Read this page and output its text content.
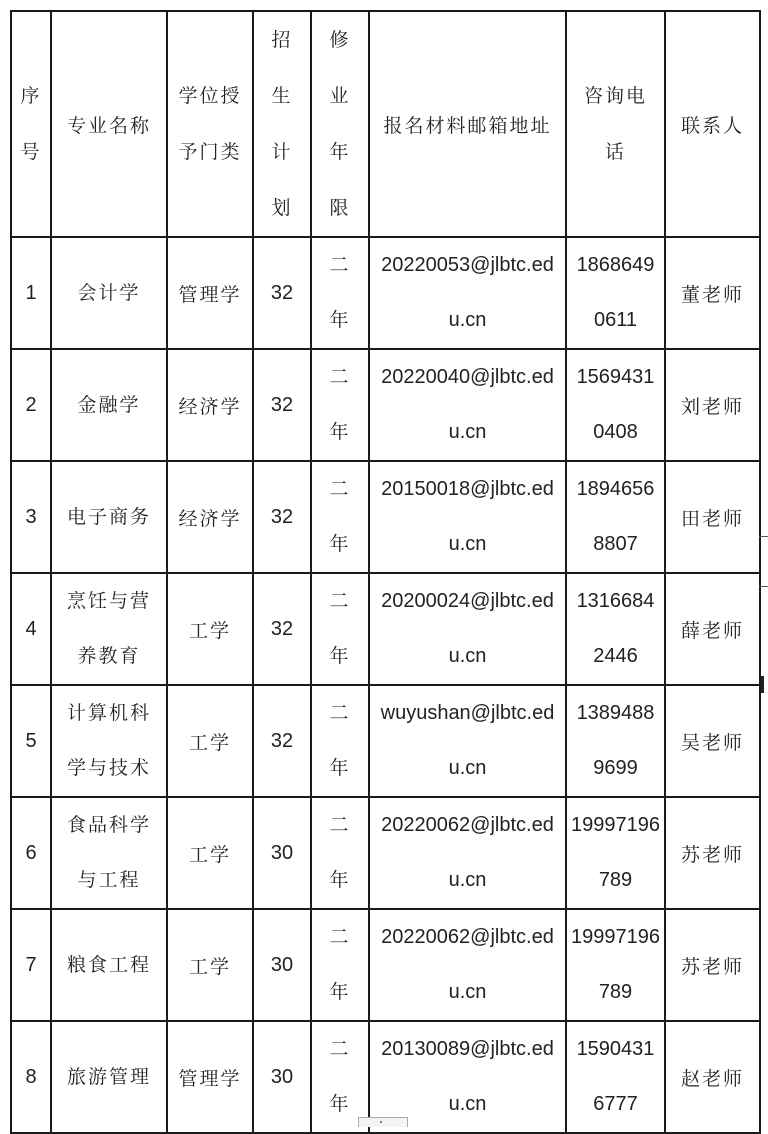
序
号	专业名称	学位授
予门类	招
生
计
划	修
业
年
限	报名材料邮箱地址	咨询电
话	联系人
1	会计学	管理学	32	二
年	20220053@jlbtc.ed
u.cn	1868649
0611	董老师
2	金融学	经济学	32	二
年	20220040@jlbtc.ed
u.cn	1569431
0408	刘老师
3	电子商务	经济学	32	二
年	20150018@jlbtc.ed
u.cn	1894656
8807	田老师
4	烹饪与营
养教育	工学	32	二
年	20200024@jlbtc.ed
u.cn	1316684
2446	薛老师
5	计算机科
学与技术	工学	32	二
年	wuyushan@jlbtc.ed
u.cn	1389488
9699	吴老师
6	食品科学
与工程	工学	30	二
年	20220062@jlbtc.ed
u.cn	19997196
789	苏老师
7	粮食工程	工学	30	二
年	20220062@jlbtc.ed
u.cn	19997196
789	苏老师
8	旅游管理	管理学	30	二
年	20130089@jlbtc.ed
u.cn	1590431
6777	赵老师
